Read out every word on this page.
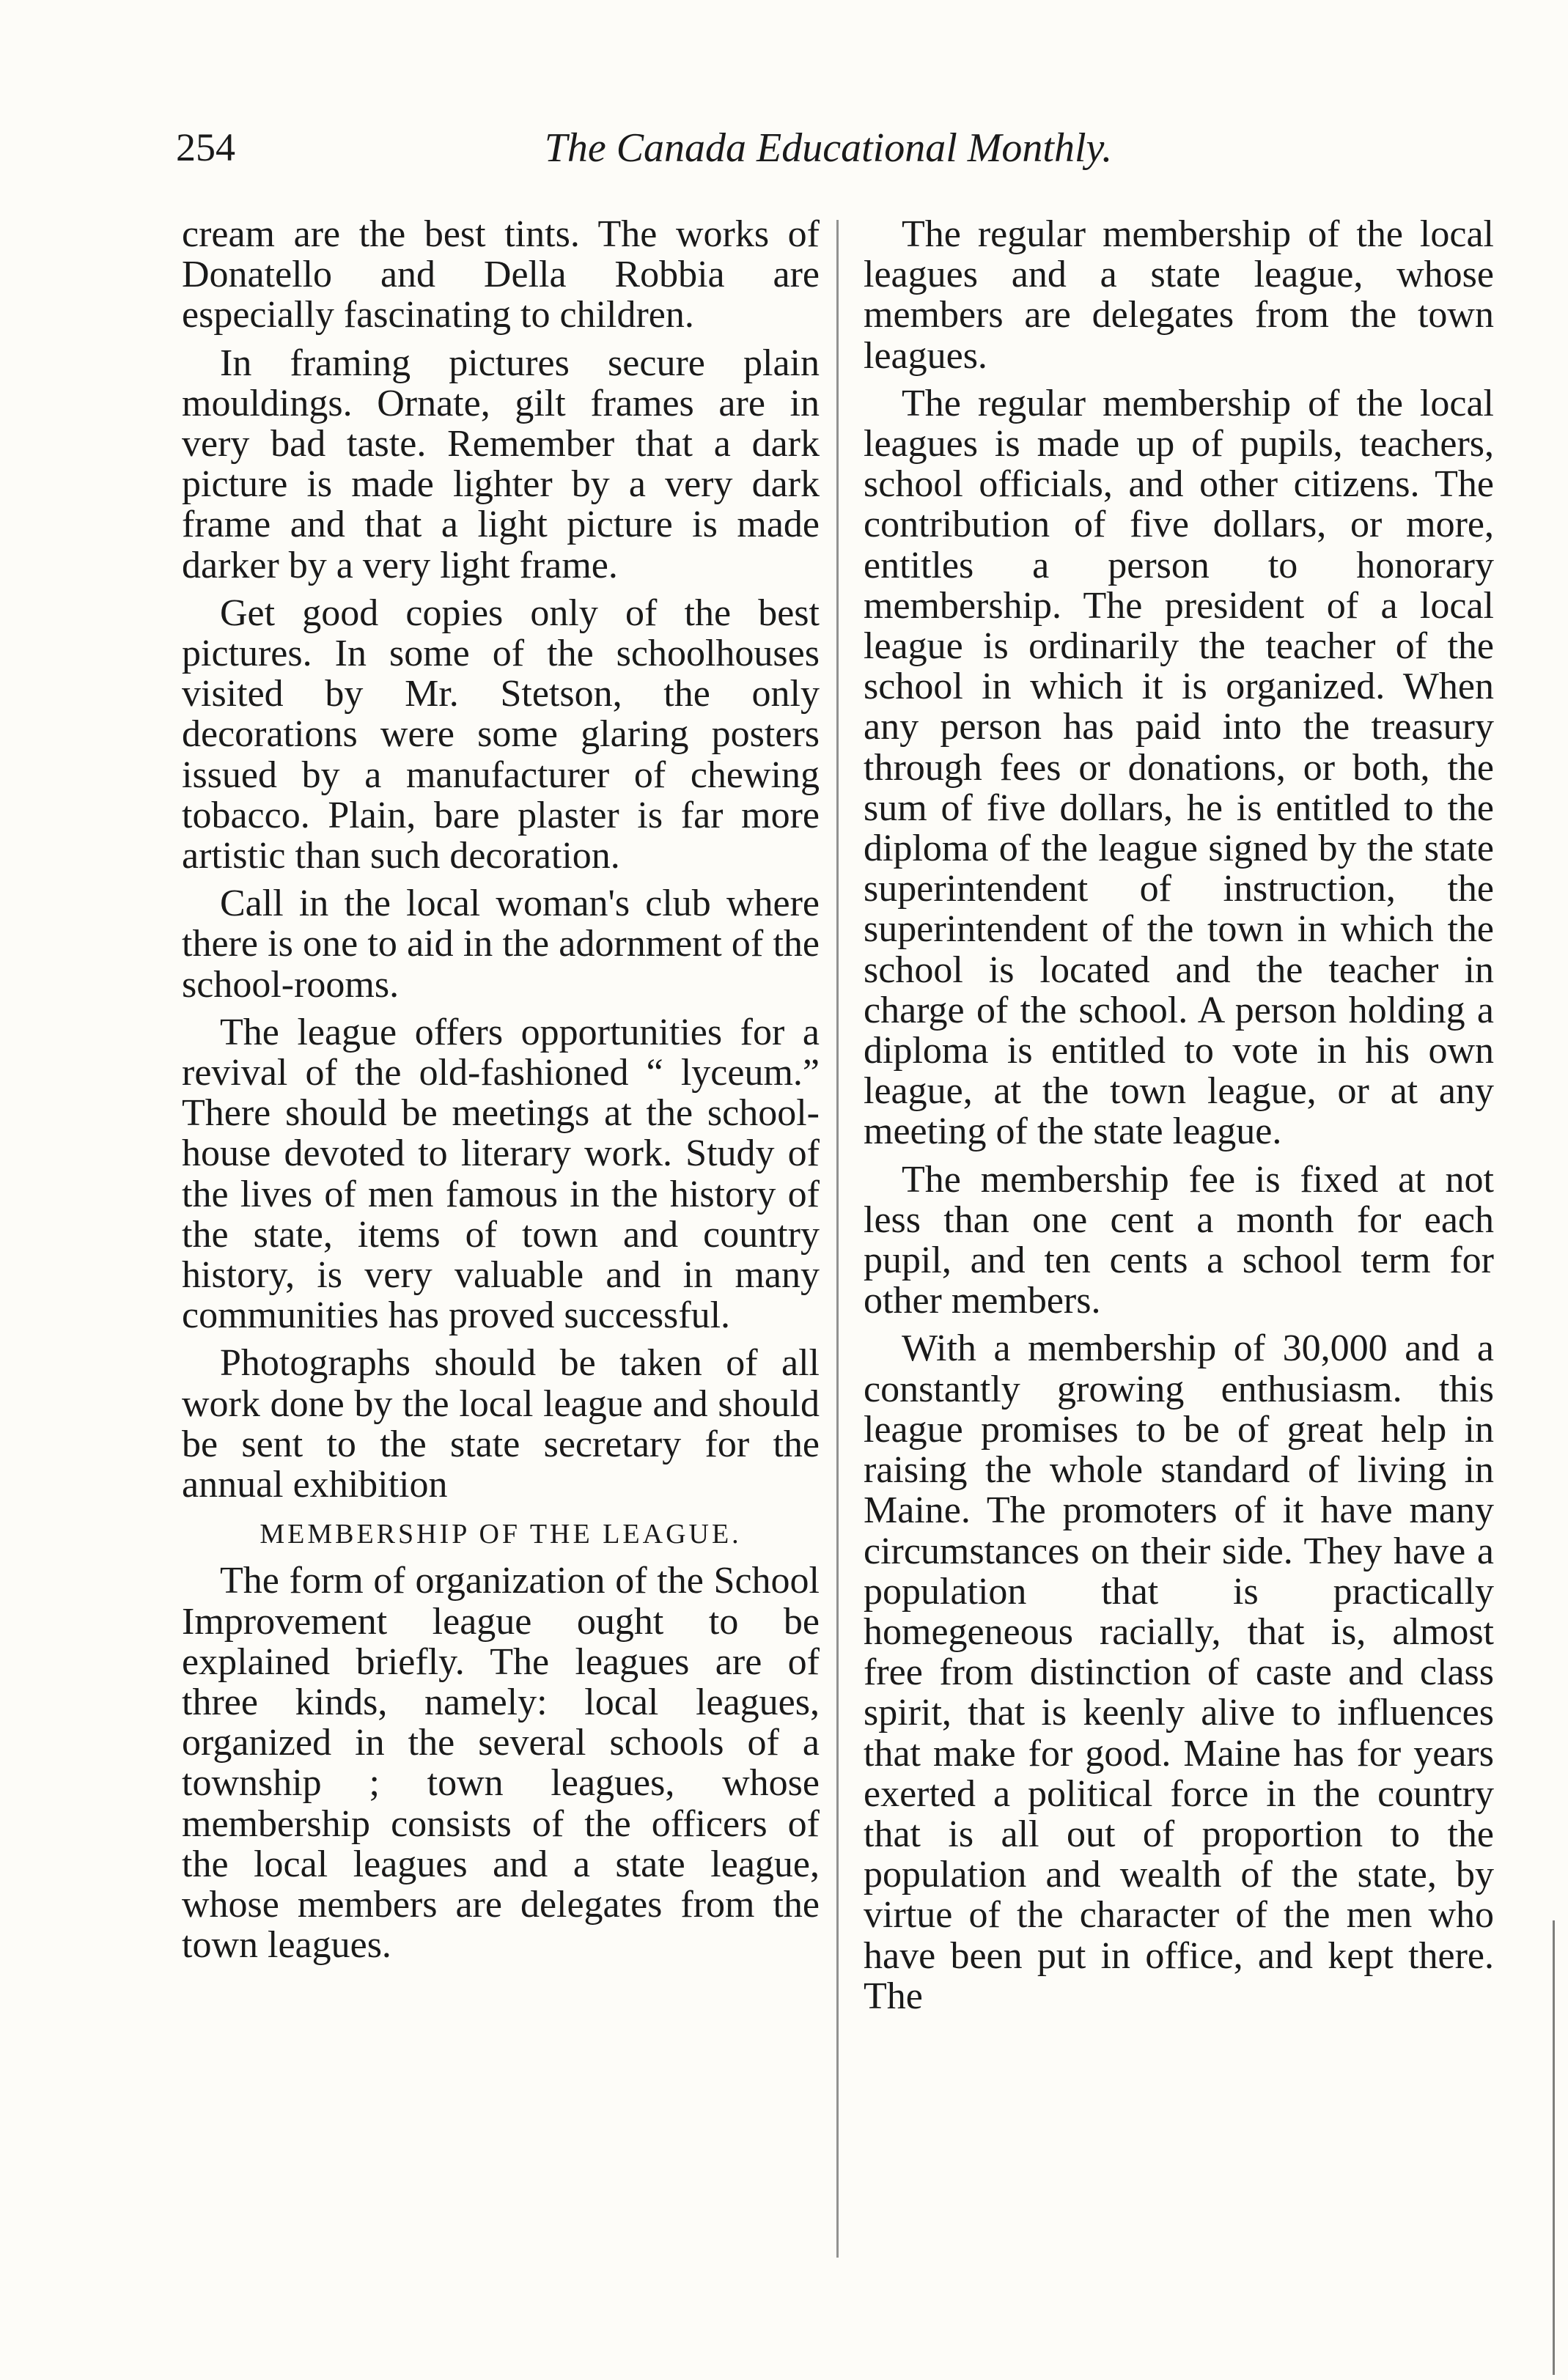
254	The Canada Educational Monthly.

cream are the best tints. The works of Donatello and Della Robbia are especially fascinating to children.

In framing pictures secure plain mouldings. Ornate, gilt frames are in very bad taste. Remember that a dark picture is made lighter by a very dark frame and that a light picture is made darker by a very light frame.

Get good copies only of the best pictures. In some of the schoolhouses visited by Mr. Stetson, the only decorations were some glaring posters issued by a manufacturer of chewing tobacco. Plain, bare plaster is far more artistic than such decoration.

Call in the local woman's club where there is one to aid in the adornment of the school-rooms.

The league offers opportunities for a revival of the old-fashioned “ lyceum.” There should be meetings at the school-house devoted to literary work. Study of the lives of men famous in the history of the state, items of town and country history, is very valuable and in many communities has proved successful.

Photographs should be taken of all work done by the local league and should be sent to the state secretary for the annual exhibition

MEMBERSHIP OF THE LEAGUE.

The form of organization of the School Improvement league ought to be explained briefly. The leagues are of three kinds, namely: local leagues, organized in the several schools of a township ; town leagues, whose membership consists of the officers of the local leagues and a state league, whose members are delegates from the town leagues.

The regular membership of the local leagues and a state league, whose members are delegates from the town leagues.

The regular membership of the local leagues is made up of pupils, teachers, school officials, and other citizens. The contribution of five dollars, or more, entitles a person to honorary membership. The president of a local league is ordinarily the teacher of the school in which it is organized. When any person has paid into the treasury through fees or donations, or both, the sum of five dollars, he is entitled to the diploma of the league signed by the state superintendent of instruction, the superintendent of the town in which the school is located and the teacher in charge of the school. A person holding a diploma is entitled to vote in his own league, at the town league, or at any meeting of the state league.

The membership fee is fixed at not less than one cent a month for each pupil, and ten cents a school term for other members.

With a membership of 30,000 and a constantly growing enthusiasm. this league promises to be of great help in raising the whole standard of living in Maine. The promoters of it have many circumstances on their side. They have a population that is practically homegeneous racially, that is, almost free from distinction of caste and class spirit, that is keenly alive to influences that make for good. Maine has for years exerted a political force in the country that is all out of proportion to the population and wealth of the state, by virtue of the character of the men who have been put in office, and kept there. The
